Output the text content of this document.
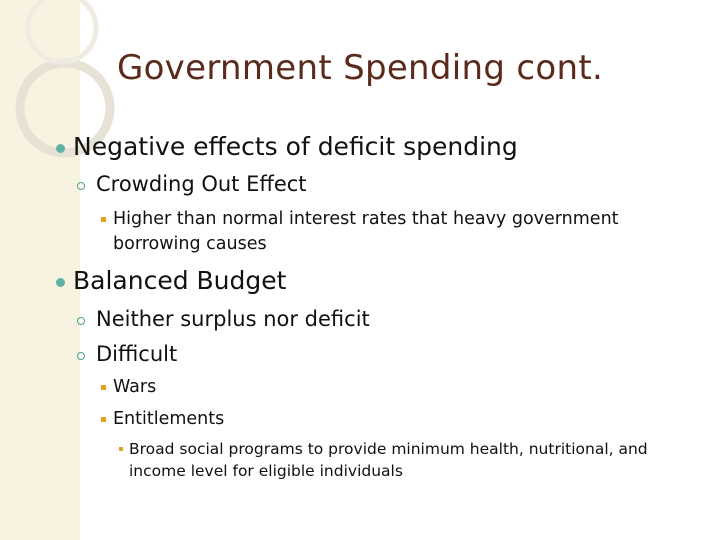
Government Spending cont.
Negative effects of deficit spending
Crowding Out Effect
Higher than normal interest rates that heavy government
borrowing causes
Balanced Budget
Neither surplus nor deficit
Difficult
Wars
Entitlements
Broad social programs to provide minimum health, nutritional, and
income level for eligible individuals
